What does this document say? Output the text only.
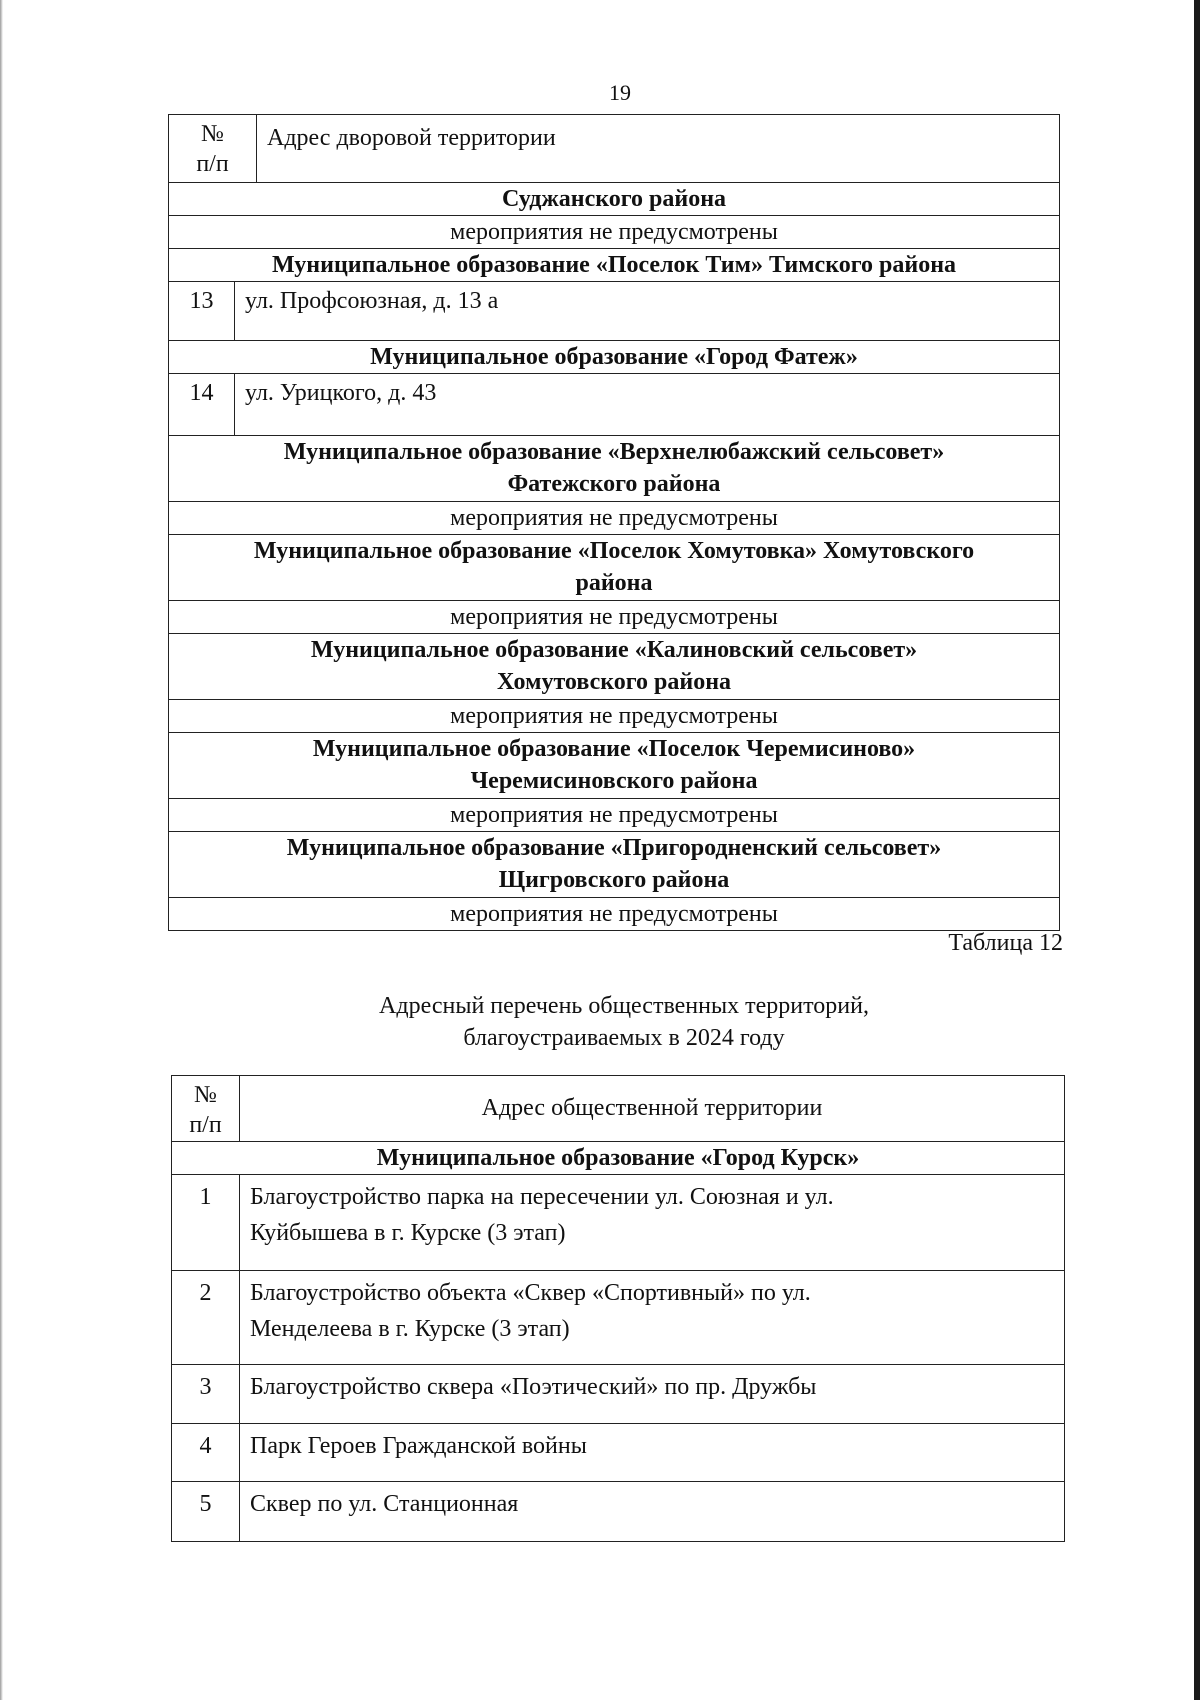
19
№
п/п		Адрес дворовой территории
Суджанского района		
мероприятия не предусмотрены		
Муниципальное образование «Поселок Тим» Тимского района		
13	ул. Профсоюзная, д. 13 а	
Муниципальное образование «Город Фатеж»		
14	ул. Урицкого, д. 43	
Муниципальное образование «Верхнелюбажский сельсовет»
Фатежского района		
мероприятия не предусмотрены		
Муниципальное образование «Поселок Хомутовка» Хомутовского
района		
мероприятия не предусмотрены		
Муниципальное образование «Калиновский сельсовет»
Хомутовского района		
мероприятия не предусмотрены		
Муниципальное образование «Поселок Черемисиново»
Черемисиновского района		
мероприятия не предусмотрены		
Муниципальное образование «Пригородненский сельсовет»
Щигровского района		
мероприятия не предусмотрены		
Таблица 12
Адресный перечень общественных территорий,
благоустраиваемых в 2024 году
№
п/п	Адрес общественной территории
Муниципальное образование «Город Курск»	
1	Благоустройство парка на пересечении ул. Союзная и ул.
Куйбышева в г. Курске (3 этап)
2	Благоустройство объекта «Сквер «Спортивный» по ул.
Менделеева в г. Курске (3 этап)
3	Благоустройство сквера «Поэтический» по пр. Дружбы
4	Парк Героев Гражданской войны
5	Сквер по ул. Станционная
